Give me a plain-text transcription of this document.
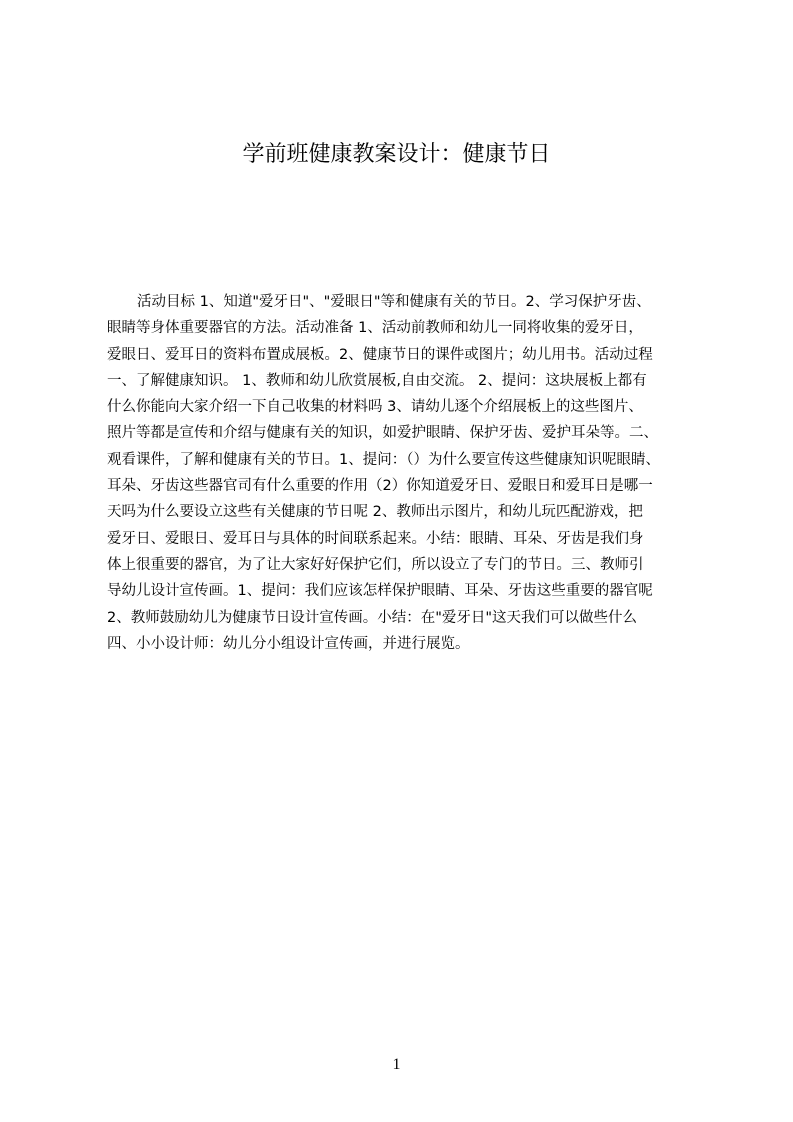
学前班健康教案设计：健康节日
活动目标 1、知道"爱牙日"、"爱眼日"等和健康有关的节日。2、学习保护牙齿、
眼睛等身体重要器官的方法。活动准备 1、活动前教师和幼儿一同将收集的爱牙日，
爱眼日、爱耳日的资料布置成展板。2、健康节日的课件或图片；幼儿用书。活动过程
一、了解健康知识。 1、教师和幼儿欣赏展板,自由交流。 2、提问：这块展板上都有
什么你能向大家介绍一下自己收集的材料吗 3、请幼儿逐个介绍展板上的这些图片、
照片等都是宣传和介绍与健康有关的知识，如爱护眼睛、保护牙齿、爱护耳朵等。二、
观看课件，了解和健康有关的节日。1、提问：（）为什么要宣传这些健康知识呢眼睛、
耳朵、牙齿这些器官司有什么重要的作用（2）你知道爱牙日、爱眼日和爱耳日是哪一
天吗为什么要设立这些有关健康的节日呢 2、教师出示图片，和幼儿玩匹配游戏，把
爱牙日、爱眼日、爱耳日与具体的时间联系起来。小结：眼睛、耳朵、牙齿是我们身
体上很重要的器官，为了让大家好好保护它们，所以设立了专门的节日。三、教师引
导幼儿设计宣传画。1、提问：我们应该怎样保护眼睛、耳朵、牙齿这些重要的器官呢
2、教师鼓励幼儿为健康节日设计宣传画。小结：在"爱牙日"这天我们可以做些什么
四、小小设计师：幼儿分小组设计宣传画，并进行展览。
1
